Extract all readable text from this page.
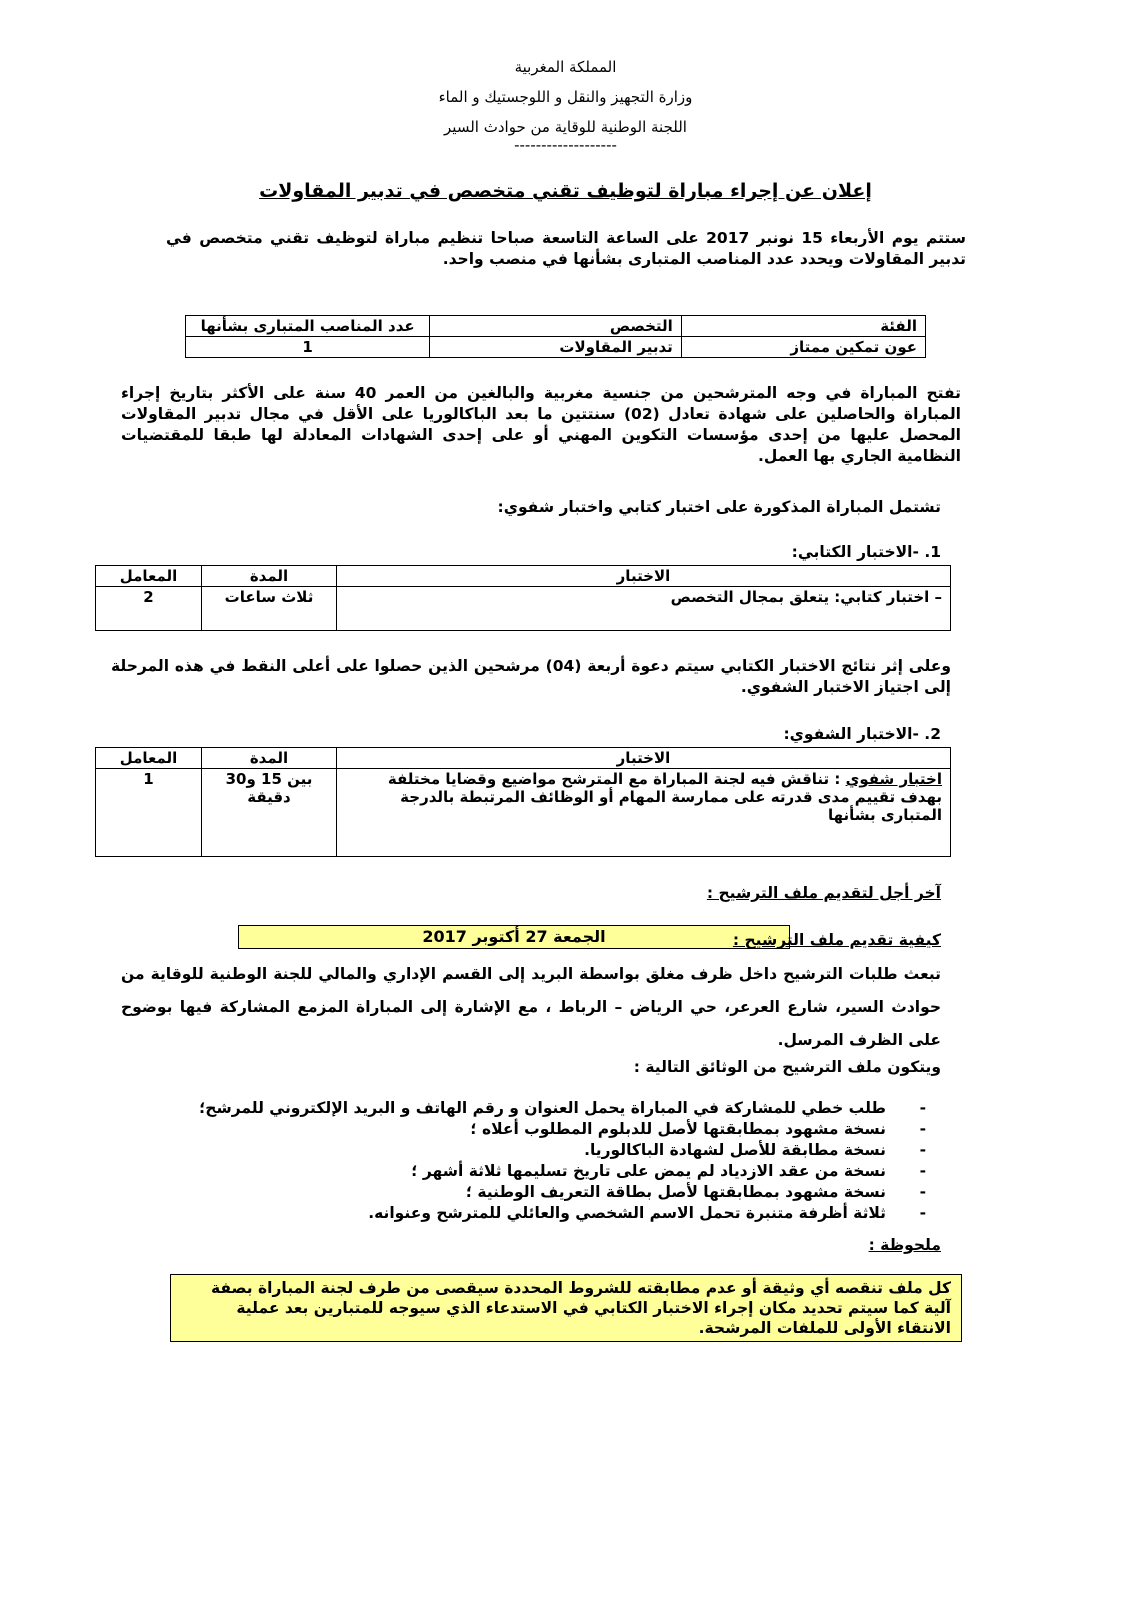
المملكة المغربية
وزارة التجهيز والنقل و اللوجستيك و الماء
اللجنة الوطنية للوقاية من حوادث السير
-------------------
إعلان عن إجراء مباراة لتوظيف تقني متخصص في تدبير المقاولات
ستتم يوم الأربعاء 15 نونبر 2017 على الساعة التاسعة صباحا تنظيم مباراة لتوظيف تقني متخصص في تدبير المقاولات ويحدد عدد المناصب المتبارى بشأنها في منصب واحد.
الفئة	التخصص	عدد المناصب المتبارى بشأنها
عون تمكين ممتاز	تدبير المقاولات	1
تفتح المباراة في وجه المترشحين من جنسية مغربية والبالغين من العمر 40 سنة على الأكثر بتاريخ إجراء المباراة والحاصلين على شهادة تعادل (02) سنتتين ما بعد الباكالوريا على الأقل في مجال تدبير المقاولات المحصل عليها من إحدى مؤسسات التكوين المهني أو على إحدى الشهادات المعادلة لها طبقا للمقتضيات النظامية الجاري بها العمل.
تشتمل المباراة المذكورة على اختبار كتابي واختبار شفوي:
1. -الاختبار الكتابي:
الاختبار	المدة	المعامل
– اختبار كتابي: يتعلق بمجال التخصص	ثلاث ساعات	2
وعلى إثر نتائج الاختبار الكتابي سيتم دعوة أربعة (04) مرشحين الذين حصلوا على أعلى النقط في هذه المرحلة إلى اجتياز الاختبار الشفوي.
2. -الاختبار الشفوي:
الاختبار	المدة	المعامل
اختبار شفوي : تناقش فيه لجنة المباراة مع المترشح مواضيع وقضايا مختلفة بهدف تقييم مدى قدرته على ممارسة المهام أو الوظائف المرتبطة بالدرجة المتبارى بشأنها	بين 15 و30 دقيقة	1
آخر أجل لتقديم ملف الترشيح :
الجمعة 27 أكتوبر 2017	كيفية تقديم ملف الترشيح :
تبعث طلبات الترشيح داخل ظرف مغلق بواسطة البريد إلى القسم الإداري والمالي للجنة الوطنية للوقاية من حوادث السير، شارع العرعر، حي الرياض – الرباط ، مع الإشارة إلى المباراة المزمع المشاركة فيها بوضوح على الظرف المرسل.
ويتكون ملف الترشيح من الوثائق التالية :
-
طلب خطي للمشاركة في المباراة يحمل العنوان و رقم الهاتف و البريد الإلكتروني للمرشح؛
-
نسخة مشهود بمطابقتها لأصل للدبلوم المطلوب أعلاه ؛
-
نسخة مطابقة للأصل لشهادة الباكالوريا.
-
نسخة من عقد الازدياد لم يمض على تاريخ تسليمها ثلاثة أشهر ؛
-
نسخة مشهود بمطابقتها لأصل بطاقة التعريف الوطنية ؛
-
ثلاثة أظرفة متنبرة تحمل الاسم الشخصي والعائلي للمترشح وعنوانه.
ملحوظة :
كل ملف تنقصه أي وثيقة أو عدم مطابقته للشروط المحددة سيقصى من طرف لجنة المباراة بصفة آلية كما سيتم تحديد مكان إجراء الاختبار الكتابي في الاستدعاء الذي سيوجه للمتبارين بعد عملية الانتقاء الأولى للملفات المرشحة.
